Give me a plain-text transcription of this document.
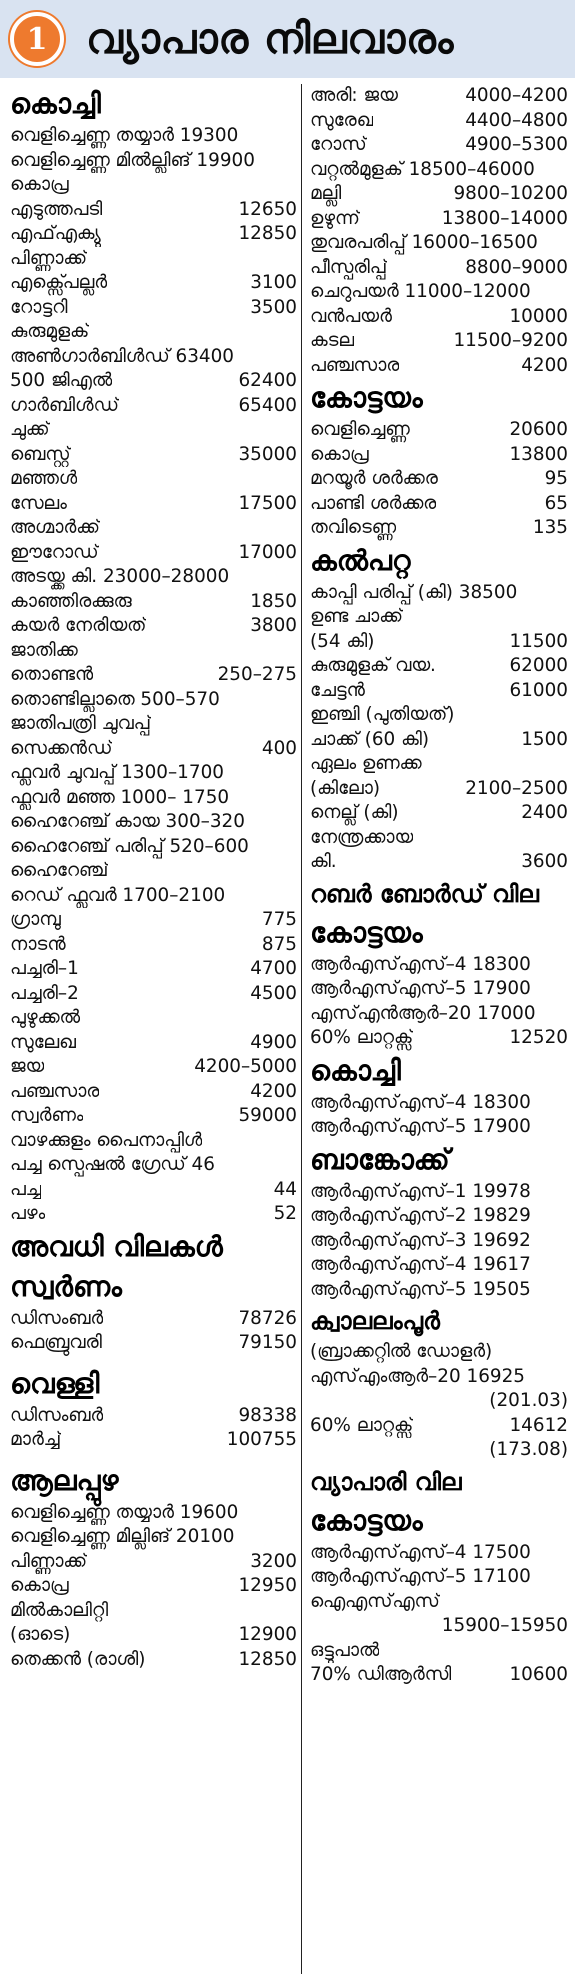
1 വ്യാപാര നിലവാരം
കൊച്ചി
വെളിച്ചെണ്ണ തയ്യാർ 19300
വെളിച്ചെണ്ണ മിൽല്ലിങ് 19900
കൊപ്ര
എടുത്തപടി	12650
എഫ്എക്യു	12850
പിണ്ണാക്ക്
എക്സ്പെല്ലർ	3100
റോട്ടറി	3500
കുരുമുളക്
അൺഗാർബിൾഡ് 63400
500 ജിഎൽ	62400
ഗാർബിൾഡ്	65400
ചുക്ക്
ബെസ്റ്റ്	35000
മഞ്ഞൾ
സേലം	17500
അഗ്മാർക്ക്
ഈറോഡ്	17000
അടയ്ക്ക കി. 23000–28000
കാഞ്ഞിരക്കുരു	1850
കയർ നേരിയത്	3800
ജാതിക്ക
തൊണ്ടൻ	250–275
തൊണ്ടില്ലാതെ 500–570
ജാതിപത്രി ചുവപ്പ്
സെക്കൻഡ്	400
ഫ്ലവർ ചുവപ്പ് 1300–1700
ഫ്ലവർ മഞ്ഞ 1000– 1750
ഹൈറേഞ്ച് കായ 300–320
ഹൈറേഞ്ച് പരിപ്പ് 520–600
ഹൈറേഞ്ച്
റെഡ് ഫ്ലവർ 1700–2100
ഗ്രാമ്പു	775
നാടൻ	875
പച്ചരി–1	4700
പച്ചരി–2	4500
പുഴുക്കൽ
സുലേഖ	4900
ജയ	4200–5000
പഞ്ചസാര	4200
സ്വർണം	59000
വാഴക്കുളം പൈനാപ്പിൾ
പച്ച സ്പെഷൽ ഗ്രേഡ് 46
പച്ച	44
പഴം	52
അവധി വിലകൾ
സ്വർണം
ഡിസംബർ	78726
ഫെബ്രുവരി	79150
വെള്ളി
ഡിസംബർ	98338
മാർച്ച്	100755
ആലപ്പുഴ
വെളിച്ചെണ്ണ തയ്യാർ 19600
വെളിച്ചെണ്ണ മില്ലിങ് 20100
പിണ്ണാക്ക്	3200
കൊപ്ര	12950
മിൽകാലിറ്റി
(ഓടെ)	12900
തെക്കൻ (രാശി)	12850
അരി: ജയ	4000–4200
സുരേഖ	4400–4800
റോസ്	4900–5300
വറ്റൽമുളക് 18500–46000
മല്ലി	9800–10200
ഉഴുന്ന്	13800–14000
തുവരപരിപ്പ് 16000–16500
പീസ്പരിപ്പ്	8800–9000
ചെറുപയർ 11000–12000
വൻപയർ	10000
കടല	11500–9200
പഞ്ചസാര	4200
കോട്ടയം
വെളിച്ചെണ്ണ	20600
കൊപ്ര	13800
മറയൂർ ശർക്കര	95
പാണ്ടി ശർക്കര	65
തവിടെണ്ണ	135
കൽപറ്റ
കാപ്പി പരിപ്പ് (കി) 38500
ഉണ്ട ചാക്ക്
(54 കി)	11500
കുരുമുളക് വയ.	62000
ചേട്ടൻ	61000
ഇഞ്ചി (പുതിയത്)
ചാക്ക് (60 കി)	1500
ഏലം ഉണക്ക
(കിലോ)	2100–2500
നെല്ല് (കി)	2400
നേന്ത്രക്കായ
കി.	3600
റബർ ബോർഡ് വില
കോട്ടയം
ആർഎസ്എസ്–4 18300
ആർഎസ്എസ്–5 17900
എസ്എൻആർ–20 17000
60% ലാറ്റക്സ്	12520
കൊച്ചി
ആർഎസ്എസ്–4 18300
ആർഎസ്എസ്–5 17900
ബാങ്കോക്ക്
ആർഎസ്എസ്–1 19978
ആർഎസ്എസ്–2 19829
ആർഎസ്എസ്–3 19692
ആർഎസ്എസ്–4 19617
ആർഎസ്എസ്–5 19505
ക്വാലലംപൂർ
(ബ്രാക്കറ്റിൽ ഡോളർ)
എസ്എംആർ–20 16925
(201.03)
60% ലാറ്റക്സ്	14612
(173.08)
വ്യാപാരി വില
കോട്ടയം
ആർഎസ്എസ്–4 17500
ആർഎസ്എസ്–5 17100
ഐഎസ്എസ്
15900–15950
ഒട്ടുപാൽ
70% ഡിആർസി	10600
